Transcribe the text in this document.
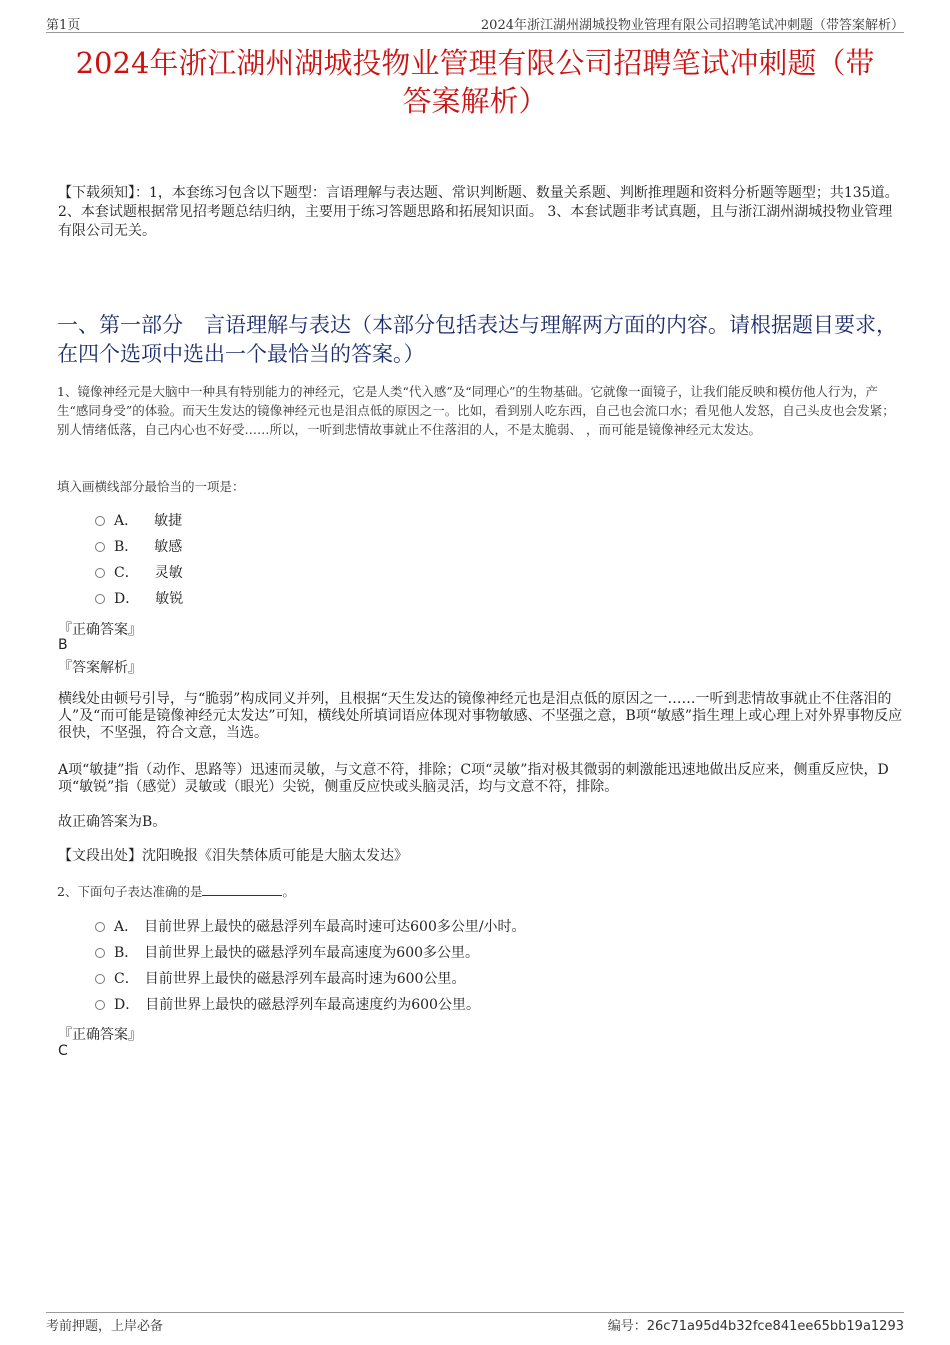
第1页	2024年浙江湖州湖城投物业管理有限公司招聘笔试冲刺题（带答案解析）
2024年浙江湖州湖城投物业管理有限公司招聘笔试冲刺题（带
答案解析）
【下载须知】：1，本套练习包含以下题型：言语理解与表达题、常识判断题、数量关系题、判断推理题和资料分析题等题型；共135道。 2、本套试题根据常见招考题总结归纳，主要用于练习答题思路和拓展知识面。 3、本套试题非考试真题，且与浙江湖州湖城投物业管理有限公司无关。
一、第一部分　言语理解与表达（本部分包括表达与理解两方面的内容。请根据题目要求，在四个选项中选出一个最恰当的答案。）
1、镜像神经元是大脑中一种具有特别能力的神经元，它是人类“代入感”及“同理心”的生物基础。它就像一面镜子，让我们能反映和模仿他人行为，产生“感同身受”的体验。而天生发达的镜像神经元也是泪点低的原因之一。比如，看到别人吃东西，自己也会流口水；看见他人发怒，自己头皮也会发紧；别人情绪低落，自己内心也不好受……所以，一听到悲情故事就止不住落泪的人，不是太脆弱、 ，而可能是镜像神经元太发达。
填入画横线部分最恰当的一项是：
A． 敏捷
B． 敏感
C． 灵敏
D． 敏锐
『正确答案』
B
『答案解析』
横线处由顿号引导，与“脆弱”构成同义并列，且根据“天生发达的镜像神经元也是泪点低的原因之一……一听到悲情故事就止不住落泪的人”及“而可能是镜像神经元太发达”可知，横线处所填词语应体现对事物敏感、不坚强之意，B项“敏感”指生理上或心理上对外界事物反应很快，不坚强，符合文意，当选。
A项“敏捷”指（动作、思路等）迅速而灵敏，与文意不符，排除；C项“灵敏”指对极其微弱的刺激能迅速地做出反应来，侧重反应快，D项“敏锐”指（感觉）灵敏或（眼光）尖锐，侧重反应快或头脑灵活，均与文意不符，排除。
故正确答案为B。
【文段出处】沈阳晚报《泪失禁体质可能是大脑太发达》
2、下面句子表达准确的是	。
A． 目前世界上最快的磁悬浮列车最高时速可达600多公里/小时。
B． 目前世界上最快的磁悬浮列车最高速度为600多公里。
C． 目前世界上最快的磁悬浮列车最高时速为600公里。
D． 目前世界上最快的磁悬浮列车最高速度约为600公里。
『正确答案』
C
考前押题，上岸必备	编号：26c71a95d4b32fce841ee65bb19a1293
